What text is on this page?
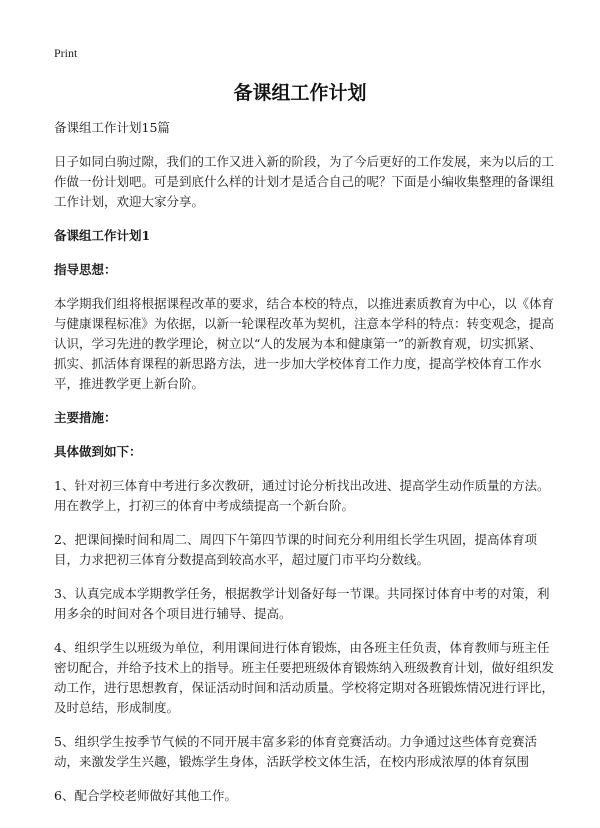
Print
备课组工作计划

备课组工作计划15篇

日子如同白驹过隙，我们的工作又进入新的阶段，为了今后更好的工作发展，来为以后的工作做一份计划吧。可是到底什么样的计划才是适合自己的呢？下面是小编收集整理的备课组工作计划，欢迎大家分享。

备课组工作计划1

指导思想：

本学期我们组将根据课程改革的要求，结合本校的特点，以推进素质教育为中心，以《体育与健康课程标准》为依据，以新一轮课程改革为契机，注意本学科的特点：转变观念，提高认识，学习先进的教学理论，树立以“人的发展为本和健康第一”的新教育观，切实抓紧、抓实、抓活体育课程的新思路方法，进一步加大学校体育工作力度，提高学校体育工作水平，推进教学更上新台阶。

主要措施：

具体做到如下：

1、针对初三体育中考进行多次教研，通过讨论分析找出改进、提高学生动作质量的方法。用在教学上，打初三的体育中考成绩提高一个新台阶。

2、把课间操时间和周二、周四下午第四节课的时间充分利用组长学生巩固，提高体育项目，力求把初三体育分数提高到较高水平，超过厦门市平均分数线。

3、认真完成本学期教学任务，根据教学计划备好每一节课。共同探讨体育中考的对策，利用多余的时间对各个项目进行辅导、提高。

4、组织学生以班级为单位，利用课间进行体育锻炼，由各班主任负责，体育教师与班主任密切配合，并给予技术上的指导。班主任要把班级体育锻炼纳入班级教育计划，做好组织发动工作，进行思想教育，保证活动时间和活动质量。学校将定期对各班锻炼情况进行评比，及时总结，形成制度。

5、组织学生按季节气候的不同开展丰富多彩的体育竞赛活动。力争通过这些体育竞赛活动，来激发学生兴趣，锻炼学生身体，活跃学校文体生活，在校内形成浓厚的体育氛围

6、配合学校老师做好其他工作。
